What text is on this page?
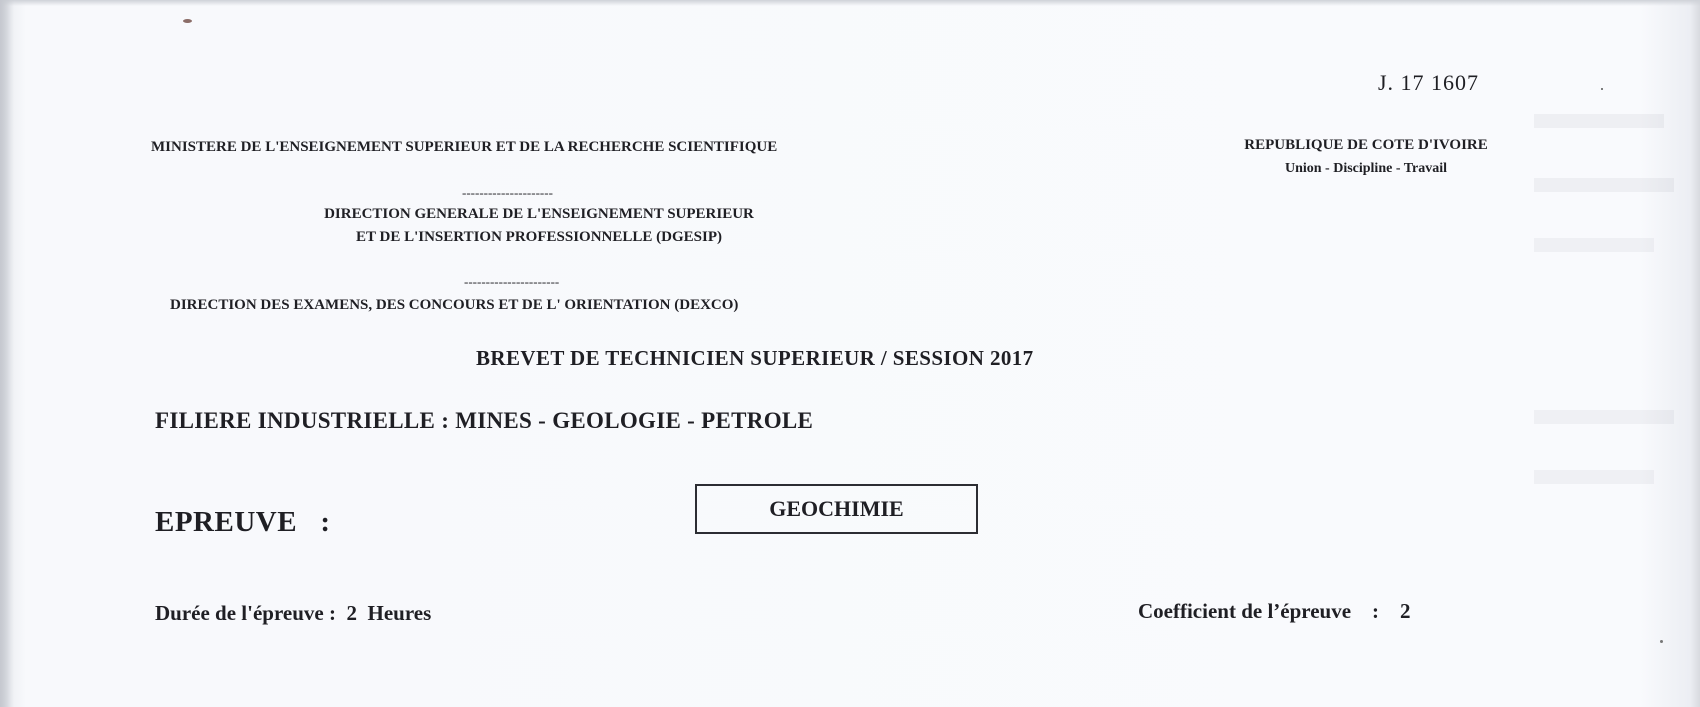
J. 17 1607
MINISTERE DE L'ENSEIGNEMENT SUPERIEUR ET DE LA RECHERCHE SCIENTIFIQUE	REPUBLIQUE DE COTE D'IVOIRE
Union - Discipline - Travail
---------------------
DIRECTION GENERALE DE L'ENSEIGNEMENT SUPERIEUR
ET DE L'INSERTION PROFESSIONNELLE (DGESIP)
----------------------
DIRECTION DES EXAMENS, DES CONCOURS ET DE L' ORIENTATION (DEXCO)
BREVET DE TECHNICIEN SUPERIEUR / SESSION 2017
FILIERE INDUSTRIELLE : MINES - GEOLOGIE - PETROLE
EPREUVE   :	GEOCHIMIE
Durée de l'épreuve :  2  Heures	Coefficient de l’épreuve    :    2
